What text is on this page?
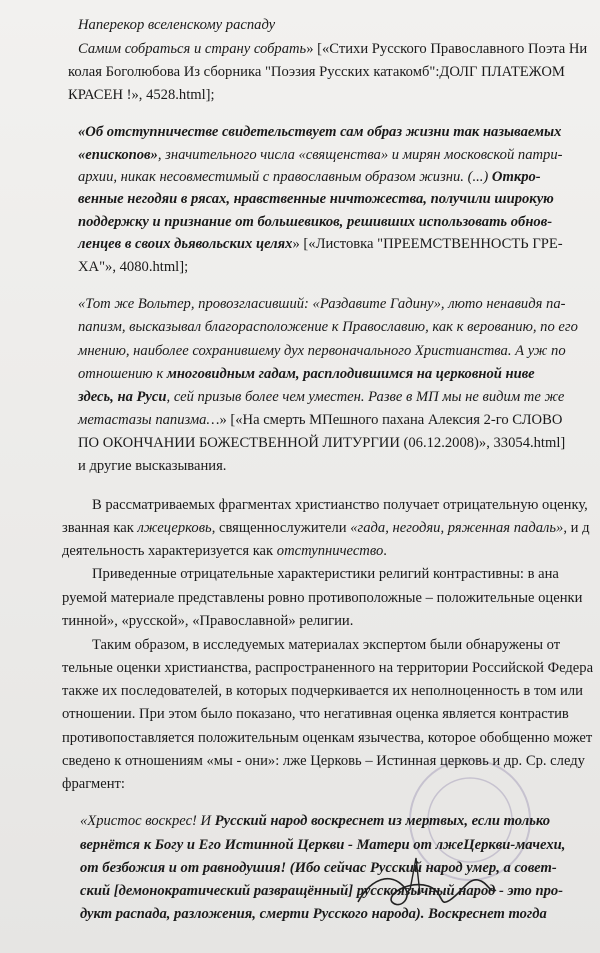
Наперекор вселенскому распаду
Самим собраться и страну собрать» [«Стихи Русского Православного Поэта Ни
колая Боголюбова Из сборника "Поэзия Русских катакомб":ДОЛГ ПЛАТЕЖОМ
КРАСЕН !», 4528.html];
«Об отступничестве свидетельствует сам образ жизни так называемых
«епископов», значительного числа «священства» и мирян московской патри-
архии, никак несовместимый с православным образом жизни. (...) Откро-
венные негодяи в рясах, нравственные ничтожества, получили широкую
поддержку и признание от большевиков, решивших использовать обнов-
ленцев в своих дьявольских целях» [«Листовка "ПРЕЕМСТВЕННОСТЬ ГРЕ-
ХА"», 4080.html];
«Тот же Вольтер, провозгласивший: «Раздавите Гадину», люто ненавидя па-
папизм, высказывал благорасположение к Православию, как к верованию, по его
мнению, наиболее сохранившему дух первоначального Христианства. А уж по
отношению к многовидным гадам, расплодившимся на церковной ниве
здесь, на Руси, сей призыв более чем уместен. Разве в МП мы не видим те же
метастазы папизма…» [«На смерть МПешного пахана Алексия 2-го СЛОВО
ПО ОКОНЧАНИИ БОЖЕСТВЕННОЙ ЛИТУРГИИ (06.12.2008)», 33054.html]
и другие высказывания.
В рассматриваемых фрагментах христианство получает отрицательную оценку,
званная как лжецерковь, священнослужители «гада, негодяи, ряженная падаль», и д
деятельность характеризуется как отступничество.
Приведенные отрицательные характеристики религий контрастивны: в ана
руемой материале представлены ровно противоположные – положительные оценки
тинной», «русской», «Православной» религии.
Таким образом, в исследуемых материалах экспертом были обнаружены от
тельные оценки христианства, распространенного на территории Российской Федера
также их последователей, в которых подчеркивается их неполноценность в том или
отношении. При этом было показано, что негативная оценка является контрастив
противопоставляется положительным оценкам язычества, которое обобщенно может
сведено к отношениям «мы - они»: лже Церковь – Истинная церковь и др. Ср. следу
фрагмент:
«Христос воскрес! И Русский народ воскреснет из мертвых, если только
вернётся к Богу и Его Истинной Церкви - Матери от лжеЦеркви-мачехи,
от безбожия и от равнодушия! (Ибо сейчас Русский народ умер, а совет-
ский [демонократический развращённый] русскоязычный народ - это про-
дукт распада, разложения, смерти Русского народа). Воскреснет тогда
